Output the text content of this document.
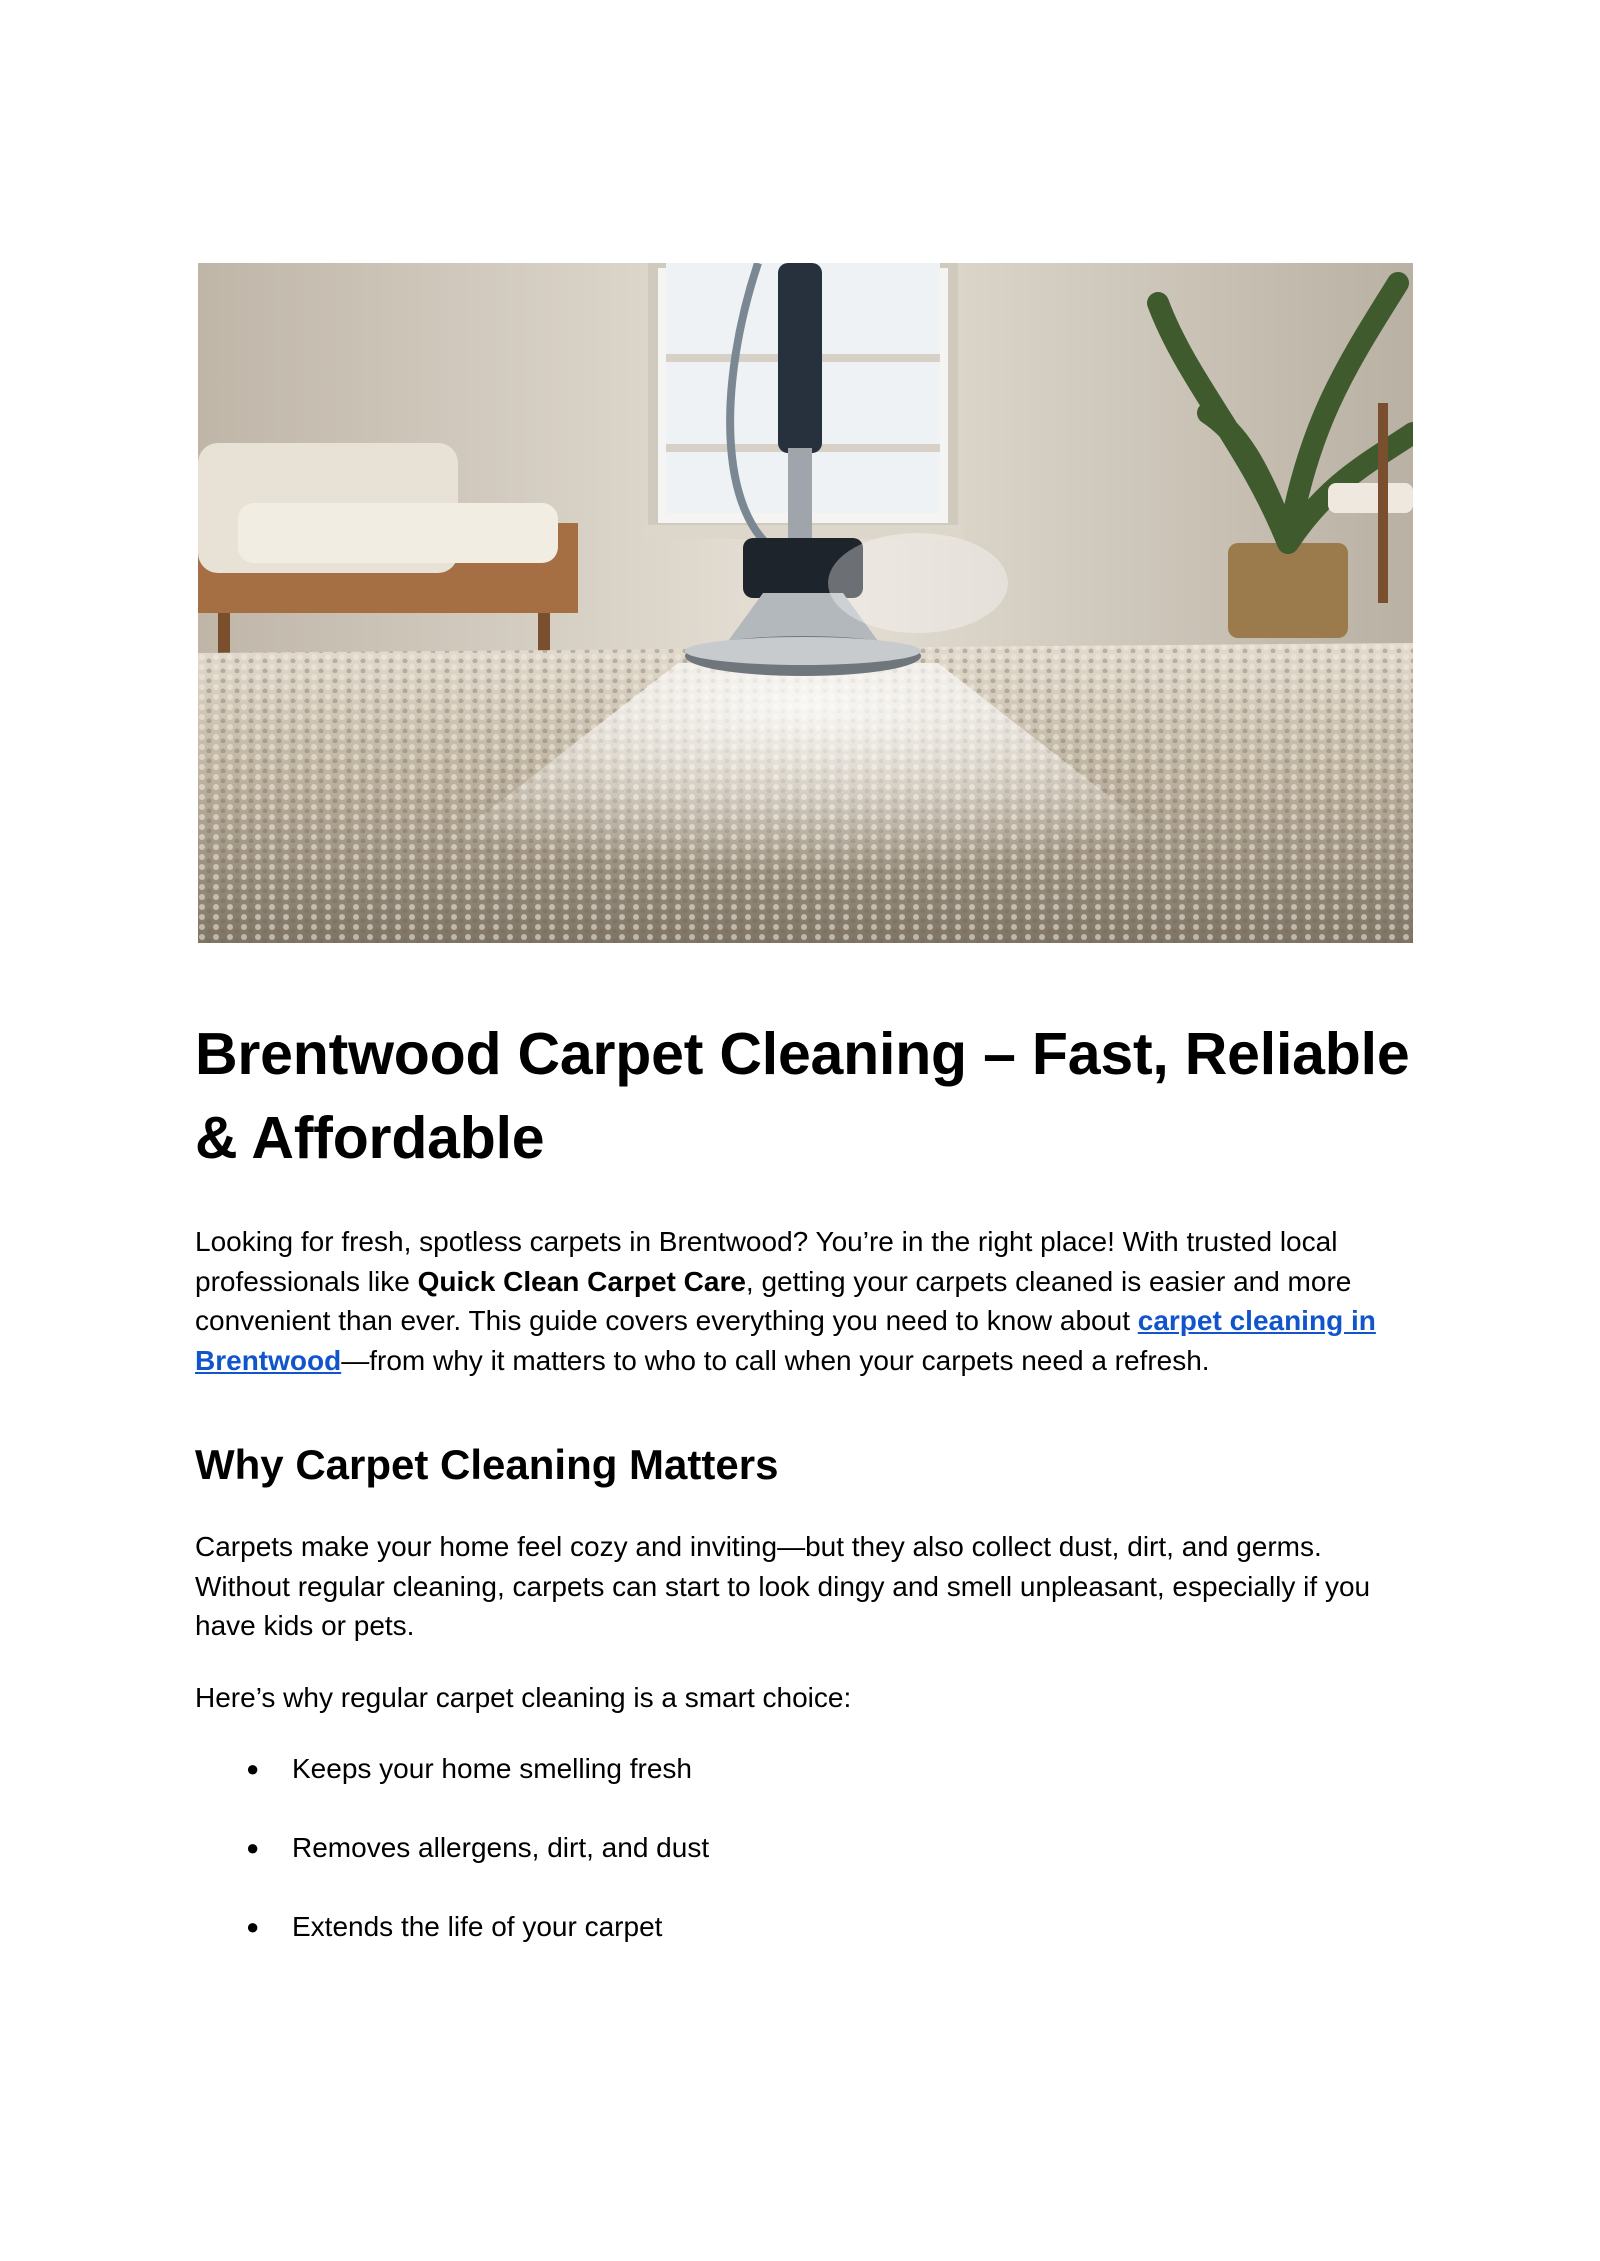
Brentwood Carpet Cleaning – Fast, Reliable & Affordable

Looking for fresh, spotless carpets in Brentwood? You’re in the right place! With trusted local professionals like Quick Clean Carpet Care, getting your carpets cleaned is easier and more convenient than ever. This guide covers everything you need to know about carpet cleaning in Brentwood—from why it matters to who to call when your carpets need a refresh.

Why Carpet Cleaning Matters

Carpets make your home feel cozy and inviting—but they also collect dust, dirt, and germs. Without regular cleaning, carpets can start to look dingy and smell unpleasant, especially if you have kids or pets.

Here’s why regular carpet cleaning is a smart choice:

● Keeps your home smelling fresh
● Removes allergens, dirt, and dust
● Extends the life of your carpet
